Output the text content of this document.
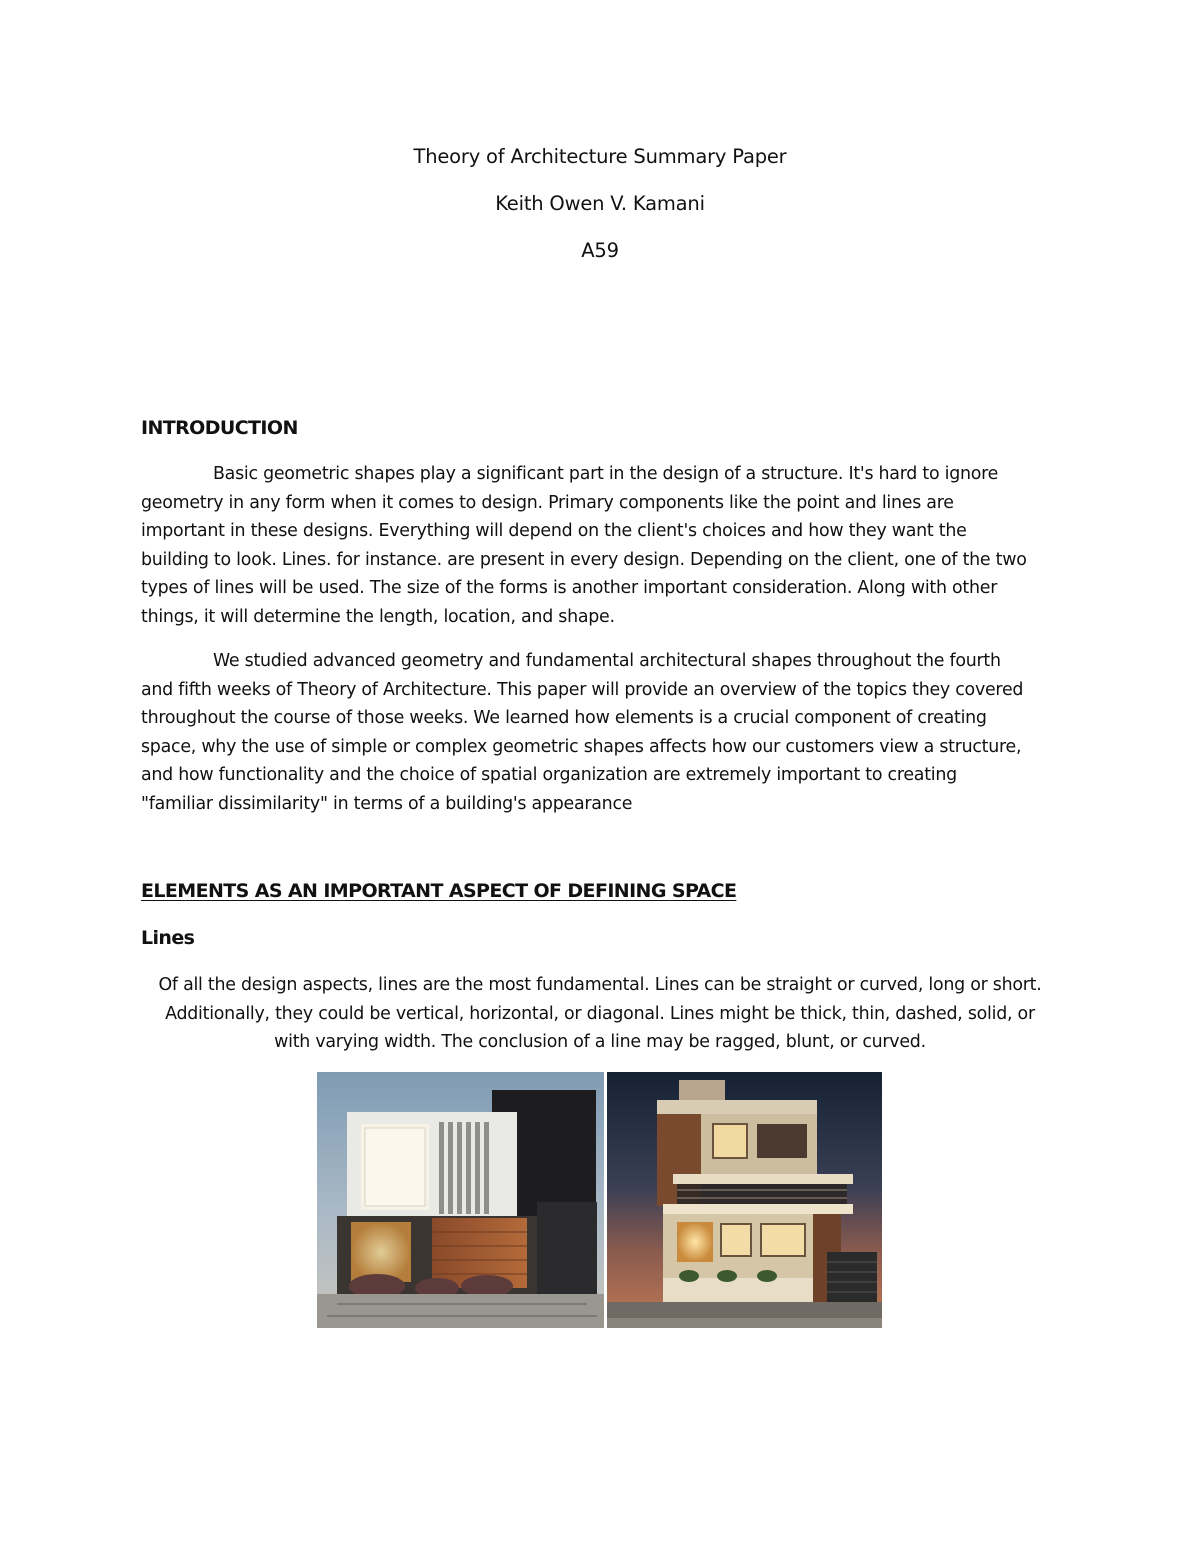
Theory of Architecture Summary Paper
Keith Owen V. Kamani
A59
INTRODUCTION

Basic geometric shapes play a significant part in the design of a structure. It's hard to ignore
geometry in any form when it comes to design. Primary components like the point and lines are
important in these designs. Everything will depend on the client's choices and how they want the
building to look. Lines. for instance. are present in every design. Depending on the client, one of the two
types of lines will be used. The size of the forms is another important consideration. Along with other
things, it will determine the length, location, and shape.

We studied advanced geometry and fundamental architectural shapes throughout the fourth
and fifth weeks of Theory of Architecture. This paper will provide an overview of the topics they covered
throughout the course of those weeks. We learned how elements is a crucial component of creating
space, why the use of simple or complex geometric shapes affects how our customers view a structure,
and how functionality and the choice of spatial organization are extremely important to creating
"familiar dissimilarity" in terms of a building's appearance

ELEMENTS AS AN IMPORTANT ASPECT OF DEFINING SPACE
Lines

Of all the design aspects, lines are the most fundamental. Lines can be straight or curved, long or short.
Additionally, they could be vertical, horizontal, or diagonal. Lines might be thick, thin, dashed, solid, or
with varying width. The conclusion of a line may be ragged, blunt, or curved.
